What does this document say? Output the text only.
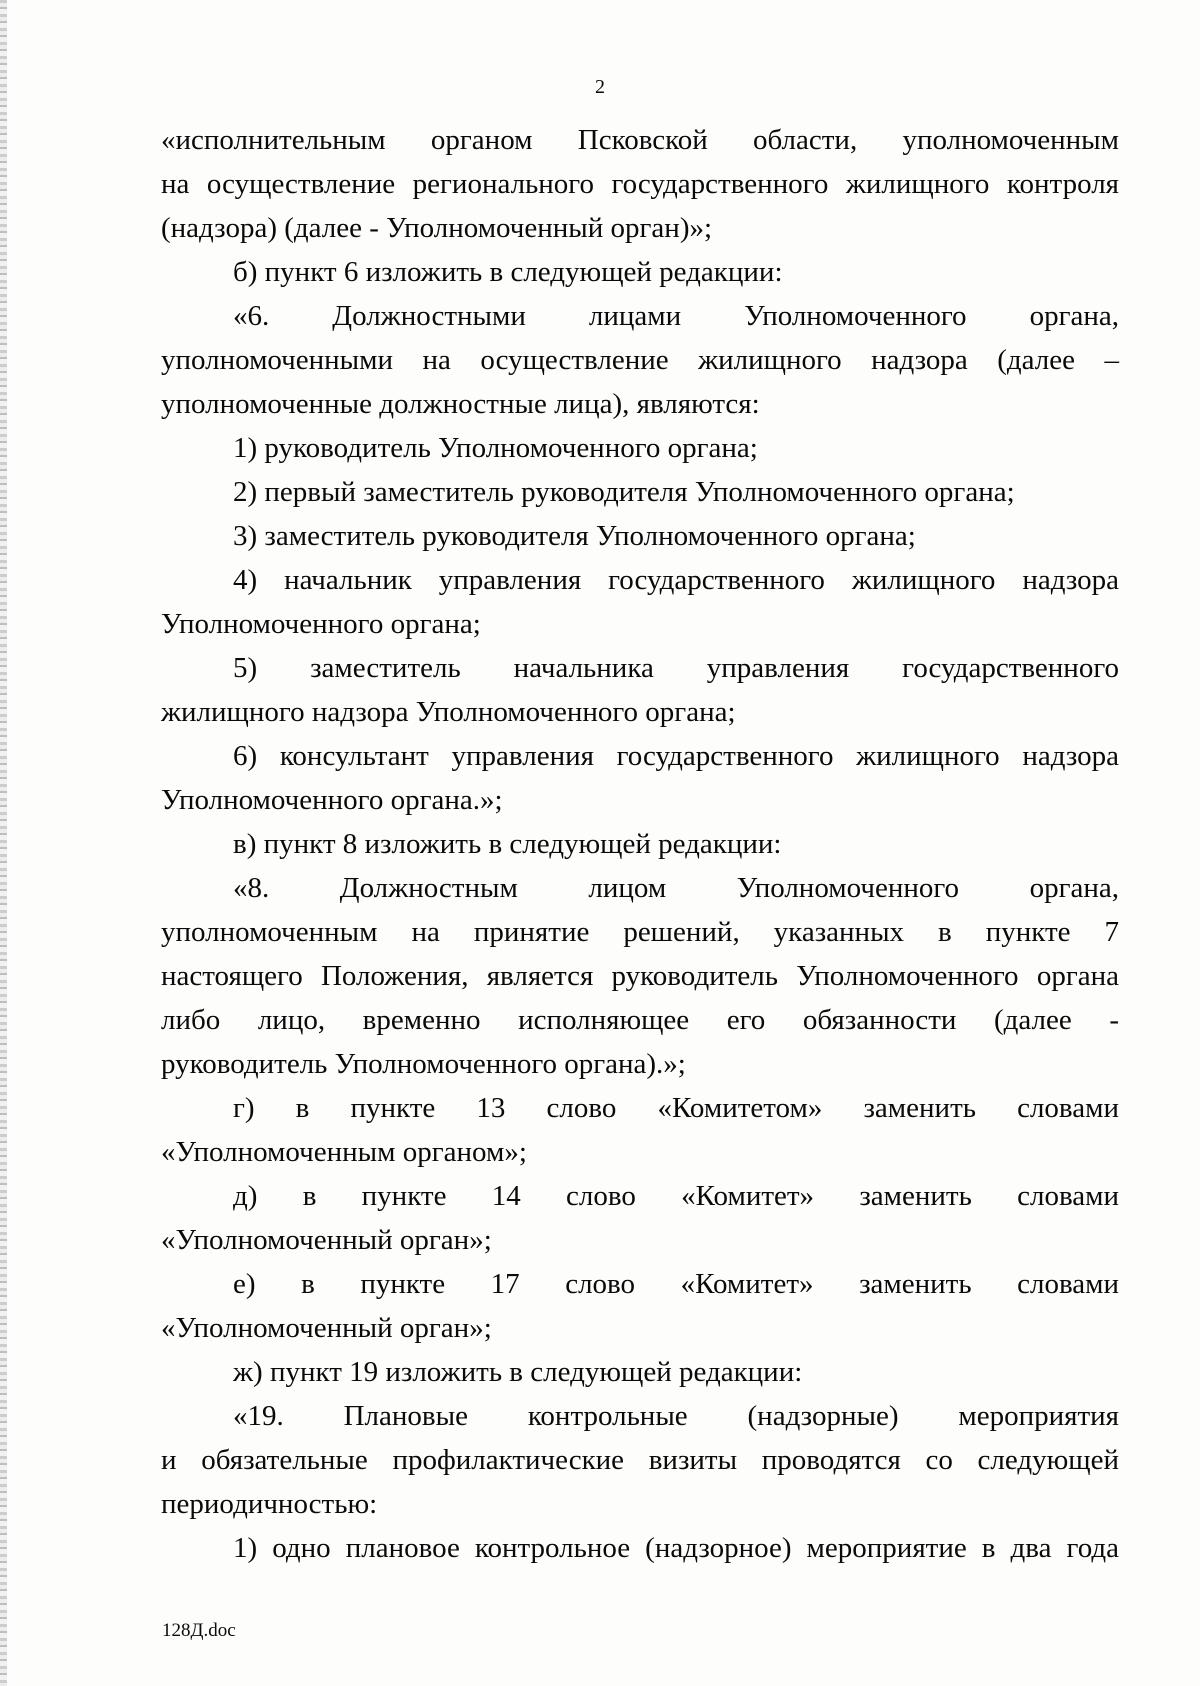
2
«исполнительным органом Псковской области, уполномоченным
на осуществление регионального государственного жилищного контроля
(надзора) (далее - Уполномоченный орган)»;
б) пункт 6 изложить в следующей редакции:
«6. Должностными лицами Уполномоченного органа,
уполномоченными на осуществление жилищного надзора (далее –
уполномоченные должностные лица), являются:
1) руководитель Уполномоченного органа;
2) первый заместитель руководителя Уполномоченного органа;
3) заместитель руководителя Уполномоченного органа;
4) начальник управления государственного жилищного надзора
Уполномоченного органа;
5) заместитель начальника управления государственного
жилищного надзора Уполномоченного органа;
6) консультант управления государственного жилищного надзора
Уполномоченного органа.»;
в) пункт 8 изложить в следующей редакции:
«8. Должностным лицом Уполномоченного органа,
уполномоченным на принятие решений, указанных в пункте 7
настоящего Положения, является руководитель Уполномоченного органа
либо лицо, временно исполняющее его обязанности (далее -
руководитель Уполномоченного органа).»;
г) в пункте 13 слово «Комитетом» заменить словами
«Уполномоченным органом»;
д) в пункте 14 слово «Комитет» заменить словами
«Уполномоченный орган»;
е) в пункте 17 слово «Комитет» заменить словами
«Уполномоченный орган»;
ж) пункт 19 изложить в следующей редакции:
«19. Плановые контрольные (надзорные) мероприятия
и обязательные профилактические визиты проводятся со следующей
периодичностью:
1) одно плановое контрольное (надзорное) мероприятие в два года
128Д.doc
